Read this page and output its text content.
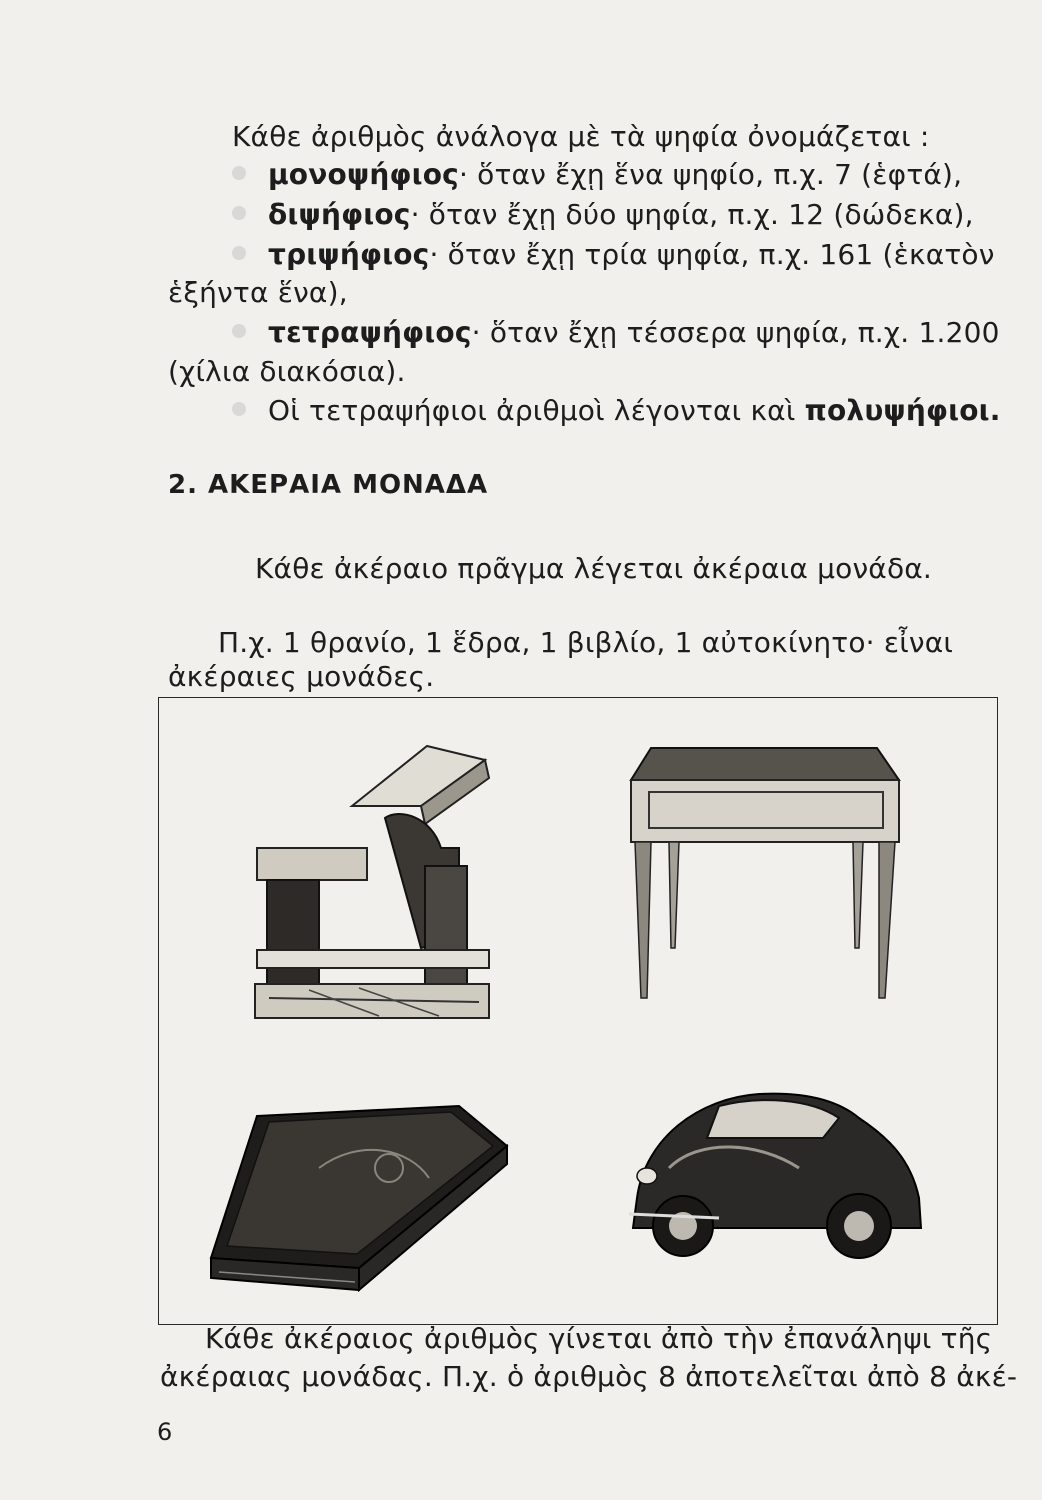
Κάθε ἀριθμὸς ἀνάλογα μὲ τὰ ψηφία ὀνομάζεται :
μονοψήφιος· ὅταν ἔχῃ ἕνα ψηφίο, π.χ. 7 (ἑφτά),
διψήφιος· ὅταν ἔχῃ δύο ψηφία, π.χ. 12 (δώδεκα),
τριψήφιος· ὅταν ἔχῃ τρία ψηφία, π.χ. 161 (ἑκατὸν
ἑξήντα ἕνα),
τετραψήφιος· ὅταν ἔχῃ τέσσερα ψηφία, π.χ. 1.200
(χίλια διακόσια).
Οἱ τετραψήφιοι ἀριθμοὶ λέγονται καὶ πολυψήφιοι.
2. ΑΚΕΡΑΙΑ ΜΟΝΑΔΑ
Κάθε ἀκέραιο πρᾶγμα λέγεται ἀκέραια μονάδα.
Π.χ. 1 θρανίο, 1 ἕδρα, 1 βιβλίο, 1 αὐτοκίνητο· εἶναι
ἀκέραιες μονάδες.
Κάθε ἀκέραιος ἀριθμὸς γίνεται ἀπὸ τὴν ἐπανάληψι τῆς
ἀκέραιας μονάδας. Π.χ. ὁ ἀριθμὸς 8 ἀποτελεῖται ἀπὸ 8 ἀκέ-
6
